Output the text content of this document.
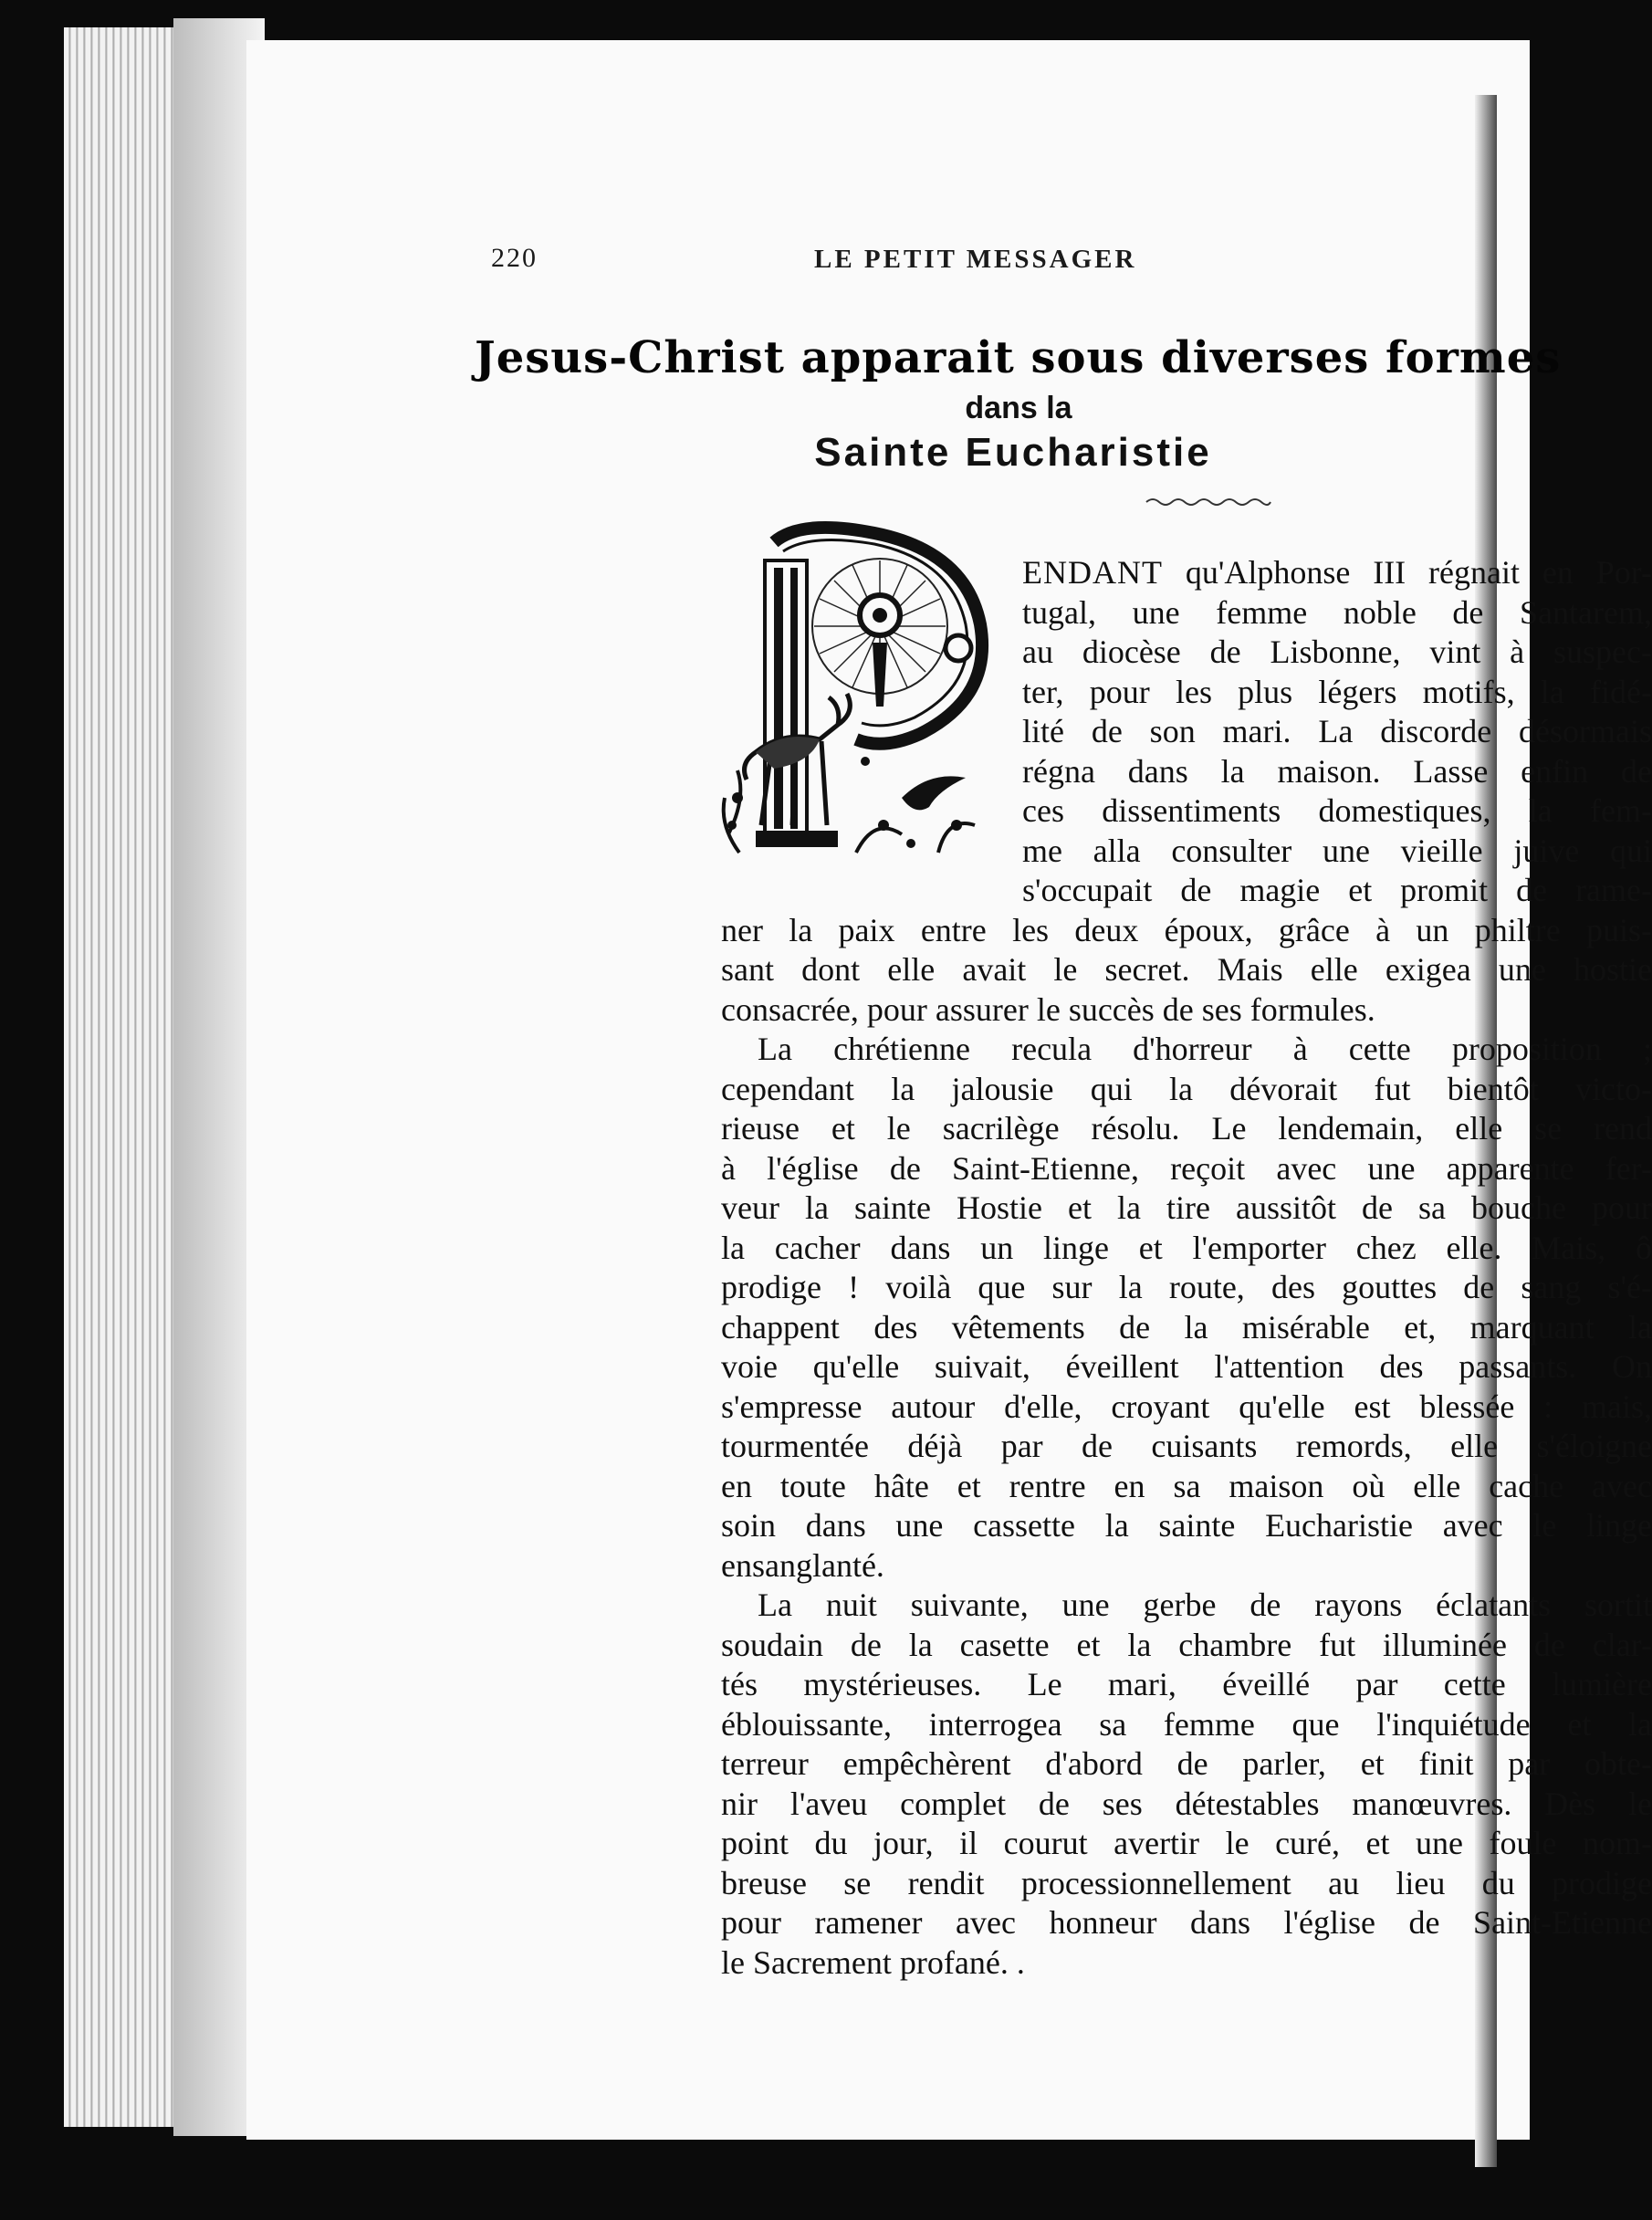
220	LE PETIT MESSAGER
Jesus-Christ apparait sous diverses formes
dans la
Sainte Eucharistie
ENDANT qu'Alphonse III régnait en Por-
tugal, une femme noble de Santarem,
au diocèse de Lisbonne, vint à suspec-
ter, pour les plus légers motifs, la fidé-
lité de son mari. La discorde désormais
régna dans la maison. Lasse enfin de
ces dissentiments domestiques, la fem-
me alla consulter une vieille juive qui
s'occupait de magie et promit de rame-
ner la paix entre les deux époux, grâce à un philtre puis-
sant dont elle avait le secret. Mais elle exigea une hostie
consacrée, pour assurer le succès de ses formules.
La chrétienne recula d'horreur à cette proposition ;
cependant la jalousie qui la dévorait fut bientôt victo-
rieuse et le sacrilège résolu. Le lendemain, elle se rend
à l'église de Saint-Etienne, reçoit avec une apparente fer-
veur la sainte Hostie et la tire aussitôt de sa bouche pour
la cacher dans un linge et l'emporter chez elle. Mais, ô
prodige ! voilà que sur la route, des gouttes de sang s'é-
chappent des vêtements de la misérable et, marquant la
voie qu'elle suivait, éveillent l'attention des passants. On
s'empresse autour d'elle, croyant qu'elle est blessée : mais,
tourmentée déjà par de cuisants remords, elle s'éloigne
en toute hâte et rentre en sa maison où elle cache avec
soin dans une cassette la sainte Eucharistie avec le linge
ensanglanté.
La nuit suivante, une gerbe de rayons éclatants sortit
soudain de la casette et la chambre fut illuminée de clar-
tés mystérieuses. Le mari, éveillé par cette lumière
éblouissante, interrogea sa femme que l'inquiétude et la
terreur empêchèrent d'abord de parler, et finit par obte-
nir l'aveu complet de ses détestables manœuvres. Dès le
point du jour, il courut avertir le curé, et une foule nom-
breuse se rendit processionnellement au lieu du prodige
pour ramener avec honneur dans l'église de Saint-Etienne
le Sacrement profané. .
